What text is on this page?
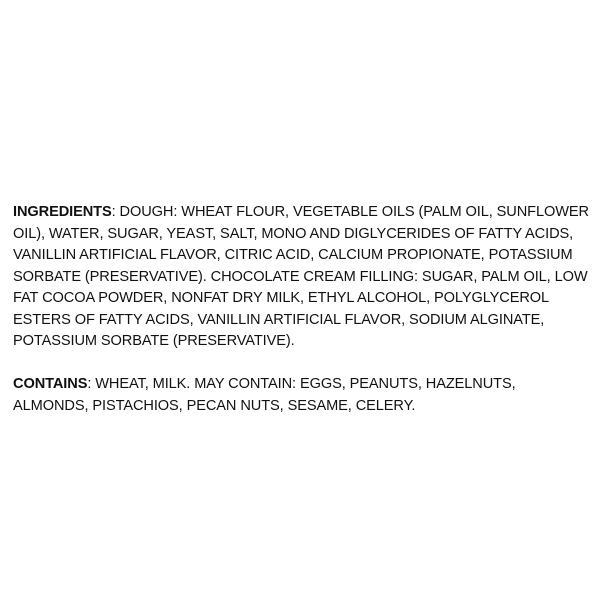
INGREDIENTS: DOUGH: WHEAT FLOUR, VEGETABLE OILS (PALM OIL, SUNFLOWER OIL), WATER, SUGAR, YEAST, SALT, MONO AND DIGLYCERIDES OF FATTY ACIDS, VANILLIN ARTIFICIAL FLAVOR, CITRIC ACID, CALCIUM PROPIONATE, POTASSIUM SORBATE (PRESERVATIVE). CHOCOLATE CREAM FILLING: SUGAR, PALM OIL, LOW FAT COCOA POWDER, NONFAT DRY MILK, ETHYL ALCOHOL, POLYGLYCEROL ESTERS OF FATTY ACIDS, VANILLIN ARTIFICIAL FLAVOR, SODIUM ALGINATE, POTASSIUM SORBATE (PRESERVATIVE).

CONTAINS: WHEAT, MILK. MAY CONTAIN: EGGS, PEANUTS, HAZELNUTS, ALMONDS, PISTACHIOS, PECAN NUTS, SESAME, CELERY.
